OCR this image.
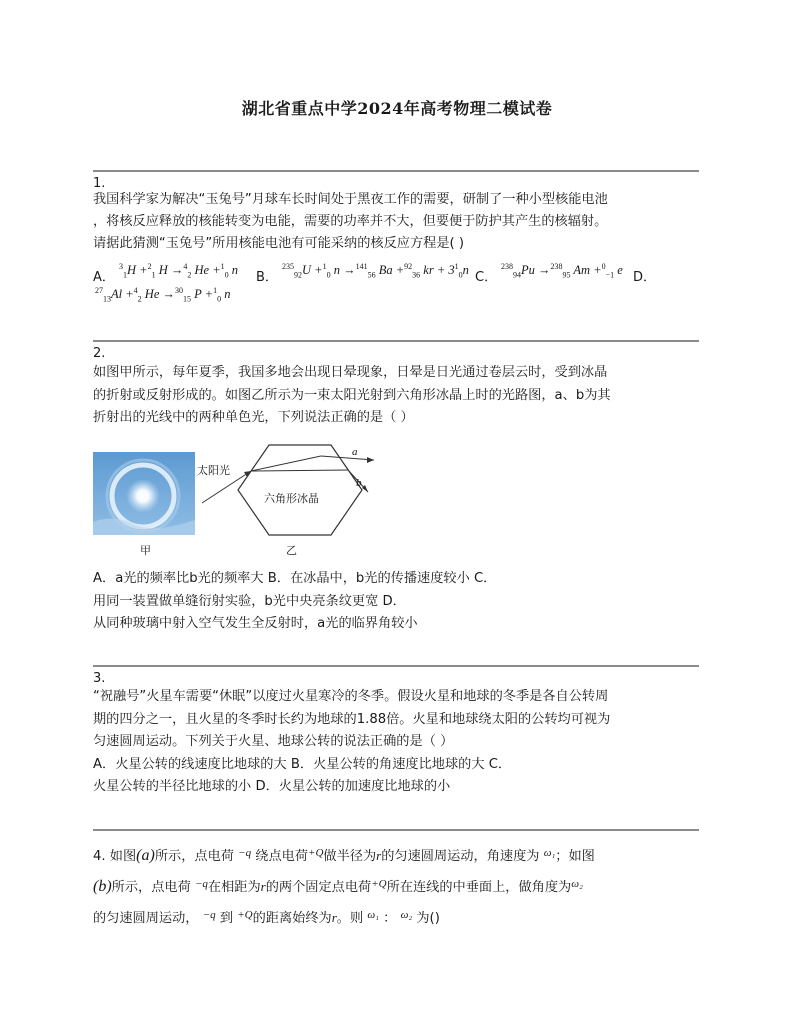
湖北省重点中学2024年高考物理二模试卷
1.
我国科学家为解决“玉兔号”月球车长时间处于黑夜工作的需要，研制了一种小型核能电池
，将核反应释放的核能转变为电能，需要的功率并不大，但要便于防护其产生的核辐射。
请据此猜测“玉兔号”所用核能电池有可能采纳的核反应方程是( )
A．
$^3_1$H +$^2_1$ H →$^4_2$ He +$^1_0$ n B．
$^{235}_{92}$U +$^1_0$ n →$^{141}_{56}$ Ba +$^{92}_{36}$ kr + $3^1_0n$ C．
$^{238}_{94}$Pu →$^{238}_{95}$ Am +$^0_{-1}$ e D．
$^{27}_{13}$Al +$^4_2$ He →$^{30}_{15}$ P +$^1_0$ n
2.
如图甲所示，每年夏季，我国多地会出现日晕现象，日晕是日光通过卷层云时，受到冰晶
的折射或反射形成的。如图乙所示为一束太阳光射到六角形冰晶上时的光路图，a、b为其
折射出的光线中的两种单色光，下列说法正确的是（ ）
甲
太阳光
六角形冰晶
a
b
乙
A．a光的频率比b光的频率大 B．在冰晶中，b光的传播速度较小 C．
用同一装置做单缝衍射实验，b光中央亮条纹更宽 D．
从同种玻璃中射入空气发生全反射时，a光的临界角较小
3.
“祝融号”火星车需要“休眠”以度过火星寒冷的冬季。假设火星和地球的冬季是各自公转周
期的四分之一，且火星的冬季时长约为地球的1.88倍。火星和地球绕太阳的公转均可视为
匀速圆周运动。下列关于火星、地球公转的说法正确的是（ ）
A．火星公转的线速度比地球的大 B．火星公转的角速度比地球的大 C．
火星公转的半径比地球的小 D．火星公转的加速度比地球的小
4. 如图(a)所示，点电荷 $^{-q}$ 绕点电荷$^{+Q}$做半径为r的匀速圆周运动，角速度为 $^{\omega_1}$；如图
(b)所示，点电荷 $^{-q}$在相距为r的两个固定点电荷$^{+Q}$所在连线的中垂面上，做角度为$^{\omega_2}$
的匀速圆周运动， $^{-q}$ 到 $^{+Q}$的距离始终为r。则 $^{\omega_1}$ ： $^{\omega_2}$ 为()
